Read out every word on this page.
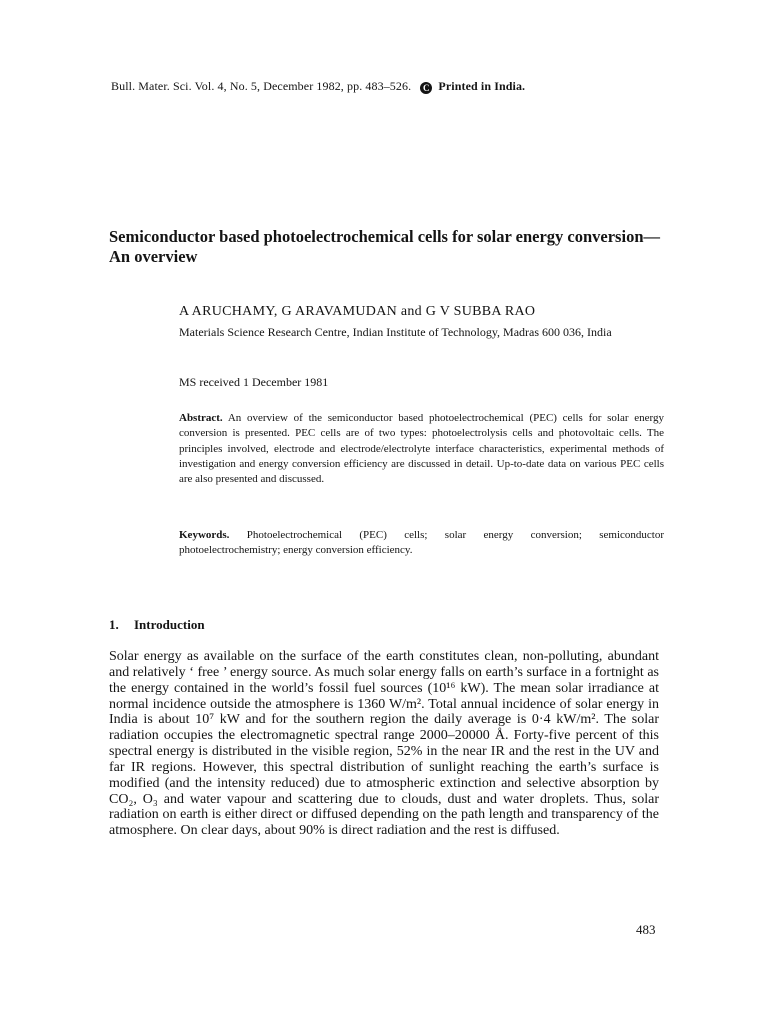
Bull. Mater. Sci. Vol. 4, No. 5, December 1982, pp. 483–526. C Printed in India.
Semiconductor based photoelectrochemical cells for solar energy conversion—An overview
A ARUCHAMY, G ARAVAMUDAN and G V SUBBA RAO
Materials Science Research Centre, Indian Institute of Technology, Madras 600 036, India
MS received 1 December 1981

Abstract. An overview of the semiconductor based photoelectrochemical (PEC) cells for solar energy conversion is presented. PEC cells are of two types: photoelectrolysis cells and photovoltaic cells. The principles involved, electrode and electrode/electrolyte interface characteristics, experimental methods of investigation and energy conversion efficiency are discussed in detail. Up-to-date data on various PEC cells are also presented and discussed.

Keywords. Photoelectrochemical (PEC) cells; solar energy conversion; semiconductor photoelectrochemistry; energy conversion efficiency.

1. Introduction

Solar energy as available on the surface of the earth constitutes clean, non-polluting, abundant and relatively ‘ free ’ energy source. As much solar energy falls on earth’s surface in a fortnight as the energy contained in the world’s fossil fuel sources (10¹⁶ kW). The mean solar irradiance at normal incidence outside the atmosphere is 1360 W/m². Total annual incidence of solar energy in India is about 10⁷ kW and for the southern region the daily average is 0·4 kW/m². The solar radiation occupies the electromagnetic spectral range 2000–20000 Å. Forty-five percent of this spectral energy is distributed in the visible region, 52% in the near IR and the rest in the UV and far IR regions. However, this spectral distribution of sunlight reaching the earth’s surface is modified (and the intensity reduced) due to atmospheric extinction and selective absorption by CO₂, O₃ and water vapour and scattering due to clouds, dust and water droplets. Thus, solar radiation on earth is either direct or diffused depending on the path length and transparency of the atmosphere. On clear days, about 90% is direct radiation and the rest is diffused.

483
